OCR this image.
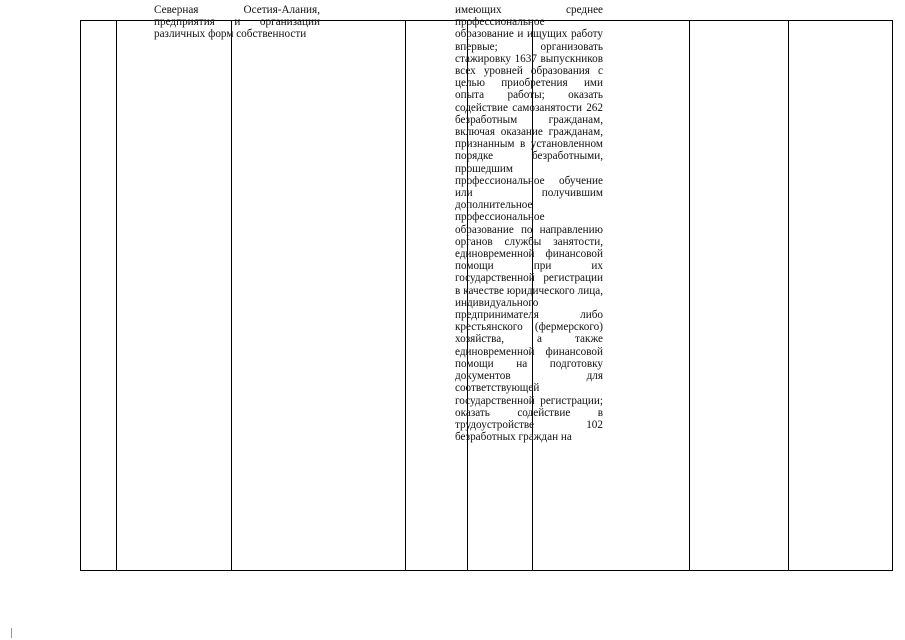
Северная Осетия-Алания, предприятия и организации различных форм собственности

имеющих среднее профессиональное образование и ищущих работу впервые; организовать стажировку 1637 выпускников всех уровней образования с целью приобретения ими опыта работы; оказать содействие самозанятости 262 безработным гражданам, включая оказание гражданам, признанным в установленном порядке безработными, прошедшим профессиональное обучение или получившим дополнительное профессиональное образование по направлению органов службы занятости, единовременной финансовой помощи при их государственной регистрации в качестве юридического лица, индивидуального предпринимателя либо крестьянского (фермерского) хозяйства, а также единовременной финансовой помощи на подготовку документов для соответствующей государственной регистрации; оказать содействие в трудоустройстве 102 безработных граждан на
